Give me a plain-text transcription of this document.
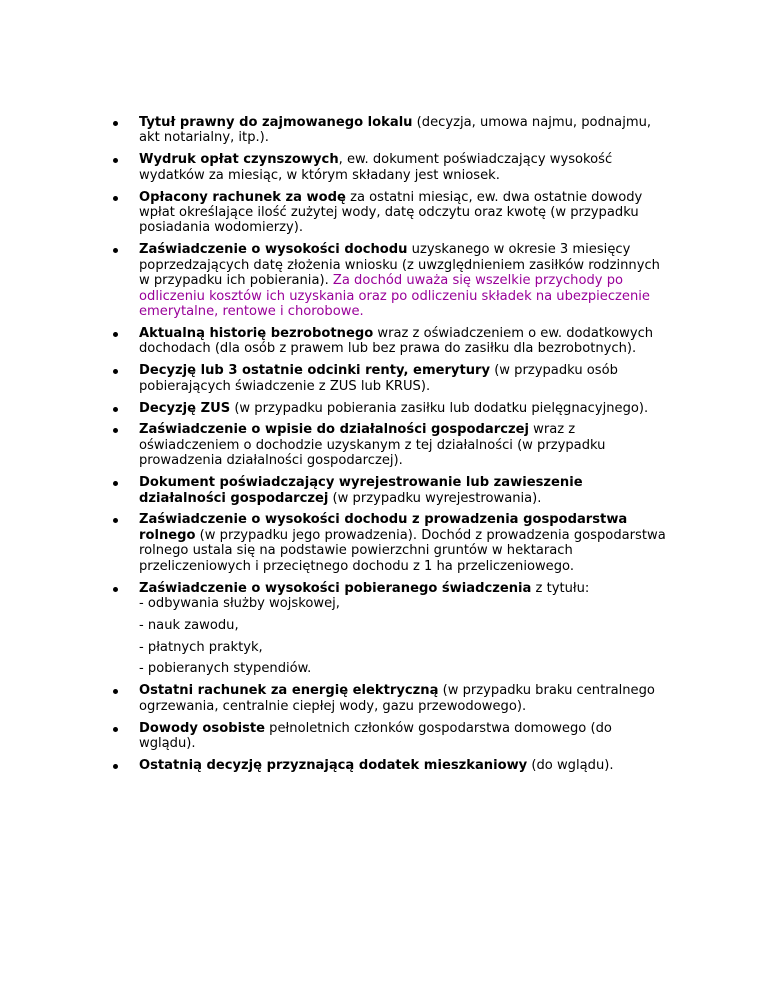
Tytuł prawny do zajmowanego lokalu (decyzja, umowa najmu, podnajmu, akt notarialny, itp.).
Wydruk opłat czynszowych, ew. dokument poświadczający wysokość wydatków za miesiąc, w którym składany jest wniosek.
Opłacony rachunek za wodę za ostatni miesiąc, ew. dwa ostatnie dowody wpłat określające ilość zużytej wody, datę odczytu oraz kwotę (w przypadku posiadania wodomierzy).
Zaświadczenie o wysokości dochodu uzyskanego w okresie 3 miesięcy poprzedzających datę złożenia wniosku (z uwzględnieniem zasiłków rodzinnych w przypadku ich pobierania). Za dochód uważa się wszelkie przychody po odliczeniu kosztów ich uzyskania oraz po odliczeniu składek na ubezpieczenie emerytalne, rentowe i chorobowe.
Aktualną historię bezrobotnego wraz z oświadczeniem o ew. dodatkowych dochodach (dla osób z prawem lub bez prawa do zasiłku dla bezrobotnych).
Decyzję lub 3 ostatnie odcinki renty, emerytury (w przypadku osób pobierających świadczenie z ZUS lub KRUS).
Decyzję ZUS (w przypadku pobierania zasiłku lub dodatku pielęgnacyjnego).
Zaświadczenie o wpisie do działalności gospodarczej wraz z oświadczeniem o dochodzie uzyskanym z tej działalności (w przypadku prowadzenia działalności gospodarczej).
Dokument poświadczający wyrejestrowanie lub zawieszenie działalności gospodarczej (w przypadku wyrejestrowania).
Zaświadczenie o wysokości dochodu z prowadzenia gospodarstwa rolnego (w przypadku jego prowadzenia). Dochód z prowadzenia gospodarstwa rolnego ustala się na podstawie powierzchni gruntów w hektarach przeliczeniowych i przeciętnego dochodu z 1 ha przeliczeniowego.
Zaświadczenie o wysokości pobieranego świadczenia z tytułu:
- odbywania służby wojskowej,
- nauk zawodu,
- płatnych praktyk,
- pobieranych stypendiów.
Ostatni rachunek za energię elektryczną (w przypadku braku centralnego ogrzewania, centralnie ciepłej wody, gazu przewodowego).
Dowody osobiste pełnoletnich członków gospodarstwa domowego (do wglądu).
Ostatnią decyzję przyznającą dodatek mieszkaniowy (do wglądu).
